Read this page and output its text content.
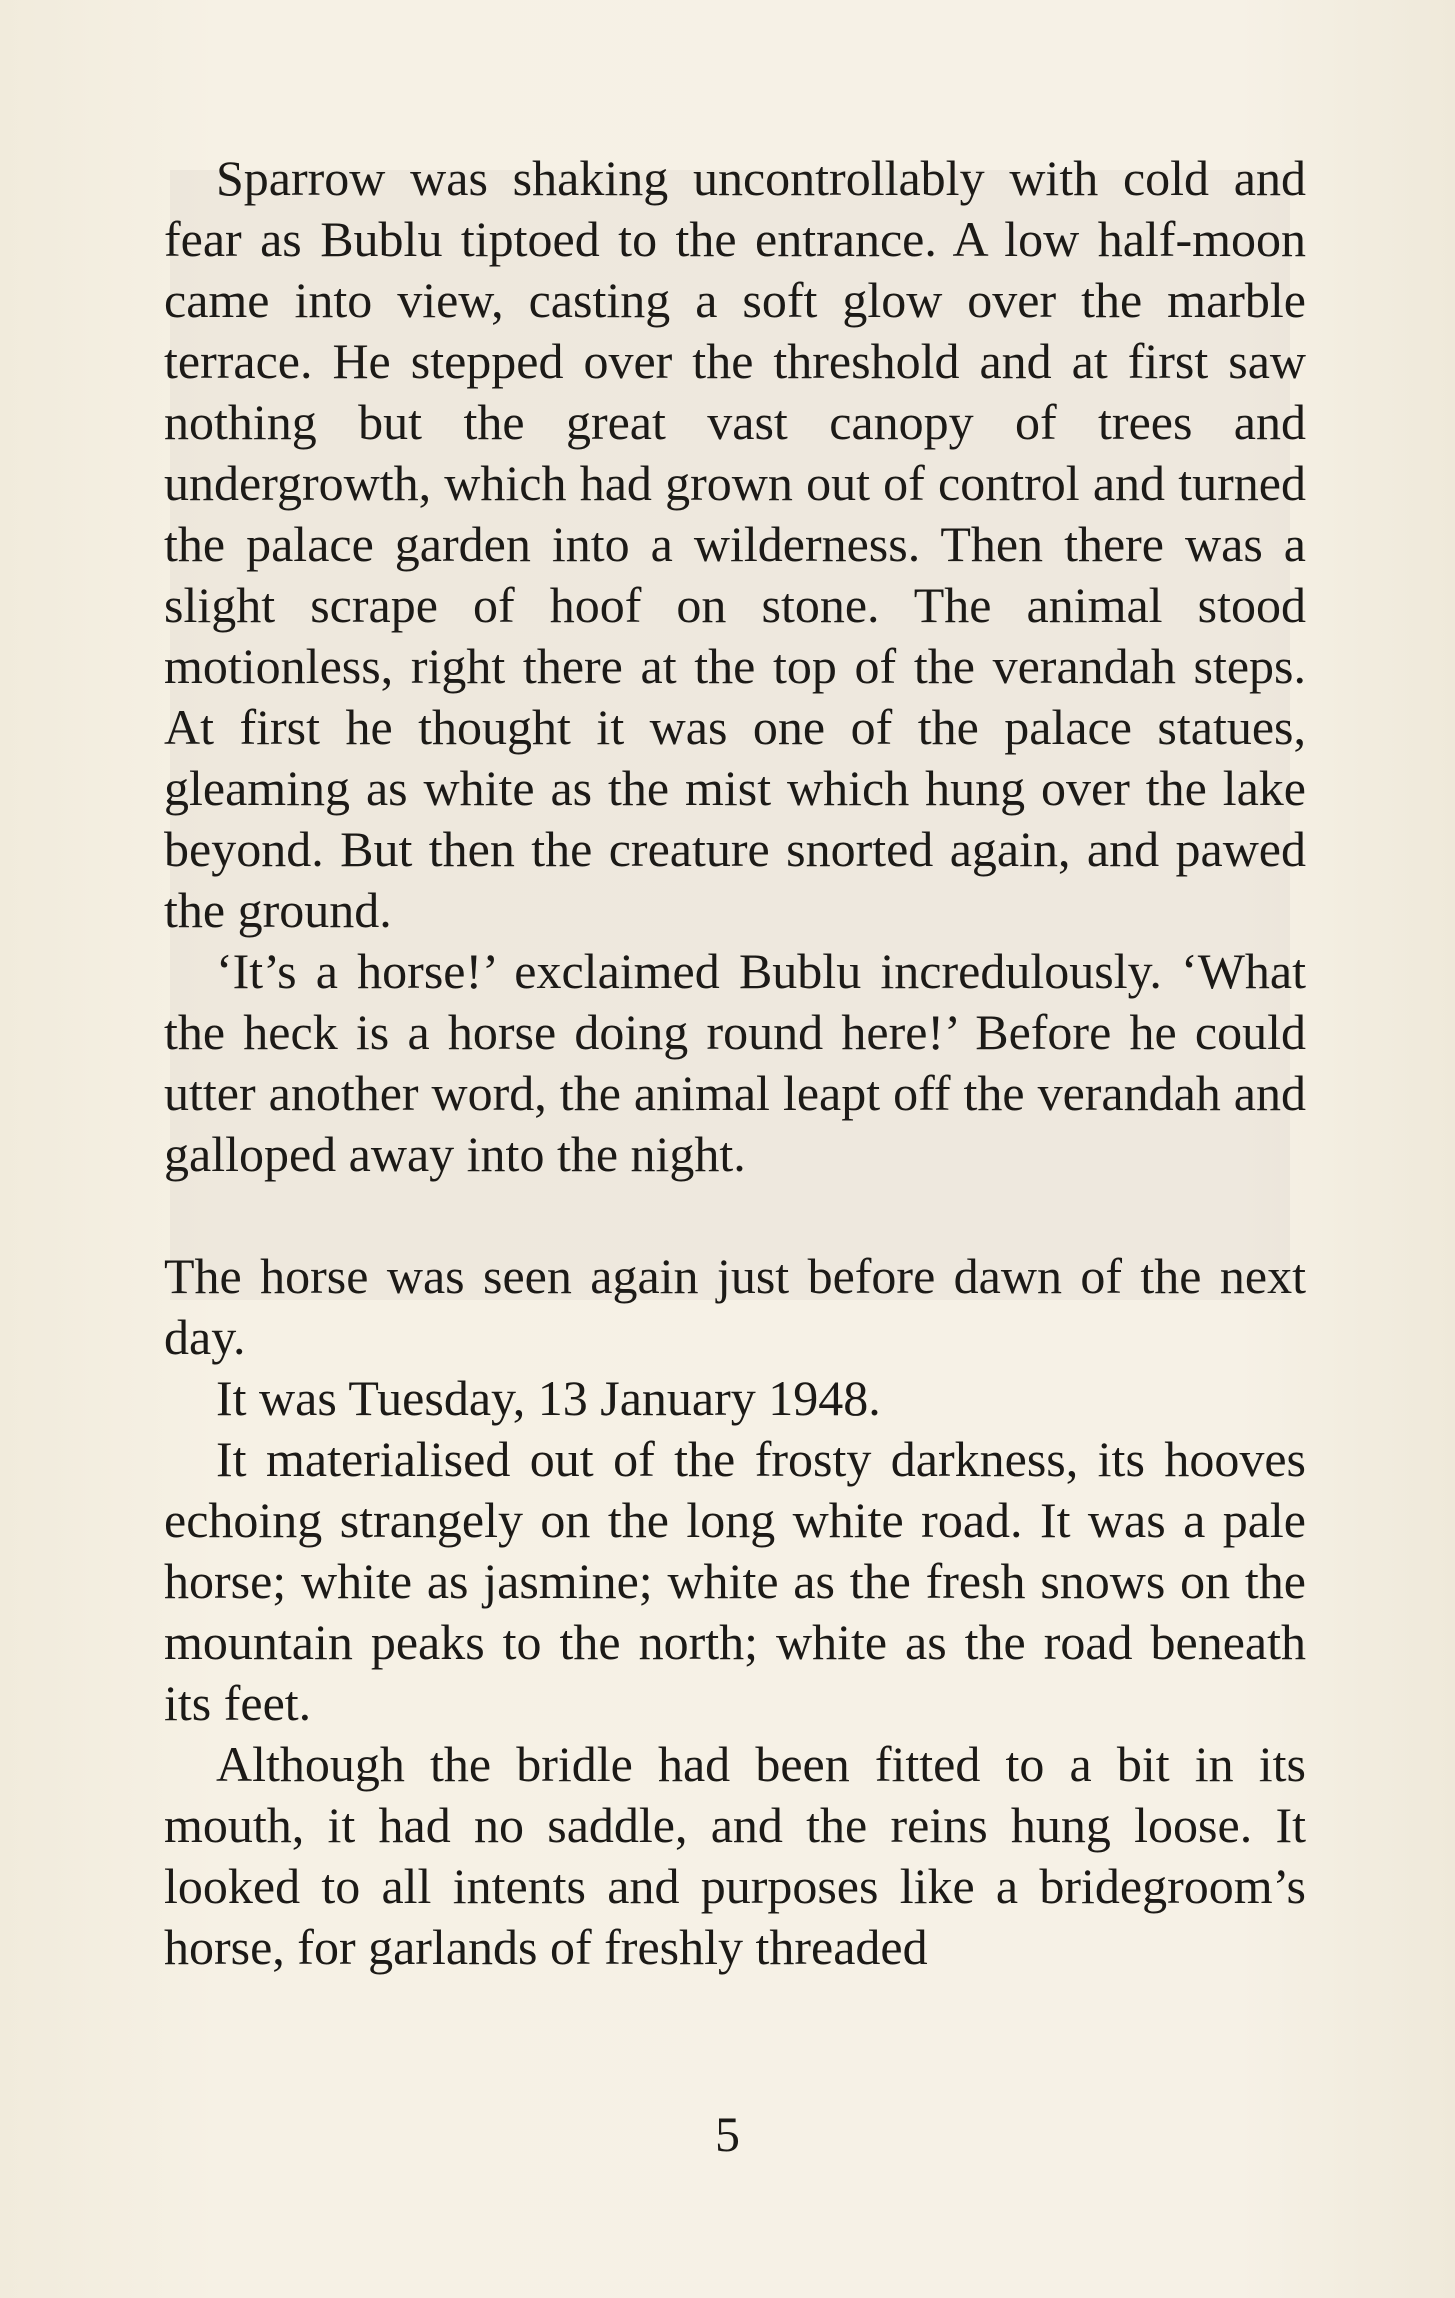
Sparrow was shaking uncontrollably with cold and fear as Bublu tiptoed to the entrance. A low half-moon came into view, casting a soft glow over the marble terrace. He stepped over the threshold and at first saw nothing but the great vast canopy of trees and undergrowth, which had grown out of control and turned the palace garden into a wilderness. Then there was a slight scrape of hoof on stone. The animal stood motionless, right there at the top of the verandah steps. At first he thought it was one of the palace statues, gleaming as white as the mist which hung over the lake beyond. But then the creature snorted again, and pawed the ground.

‘It’s a horse!’ exclaimed Bublu incredulously. ‘What the heck is a horse doing round here!’ Before he could utter another word, the animal leapt off the verandah and galloped away into the night.

The horse was seen again just before dawn of the next day.

It was Tuesday, 13 January 1948.

It materialised out of the frosty darkness, its hooves echoing strangely on the long white road. It was a pale horse; white as jasmine; white as the fresh snows on the mountain peaks to the north; white as the road beneath its feet.

Although the bridle had been fitted to a bit in its mouth, it had no saddle, and the reins hung loose. It looked to all intents and purposes like a bridegroom’s horse, for garlands of freshly threaded

5
